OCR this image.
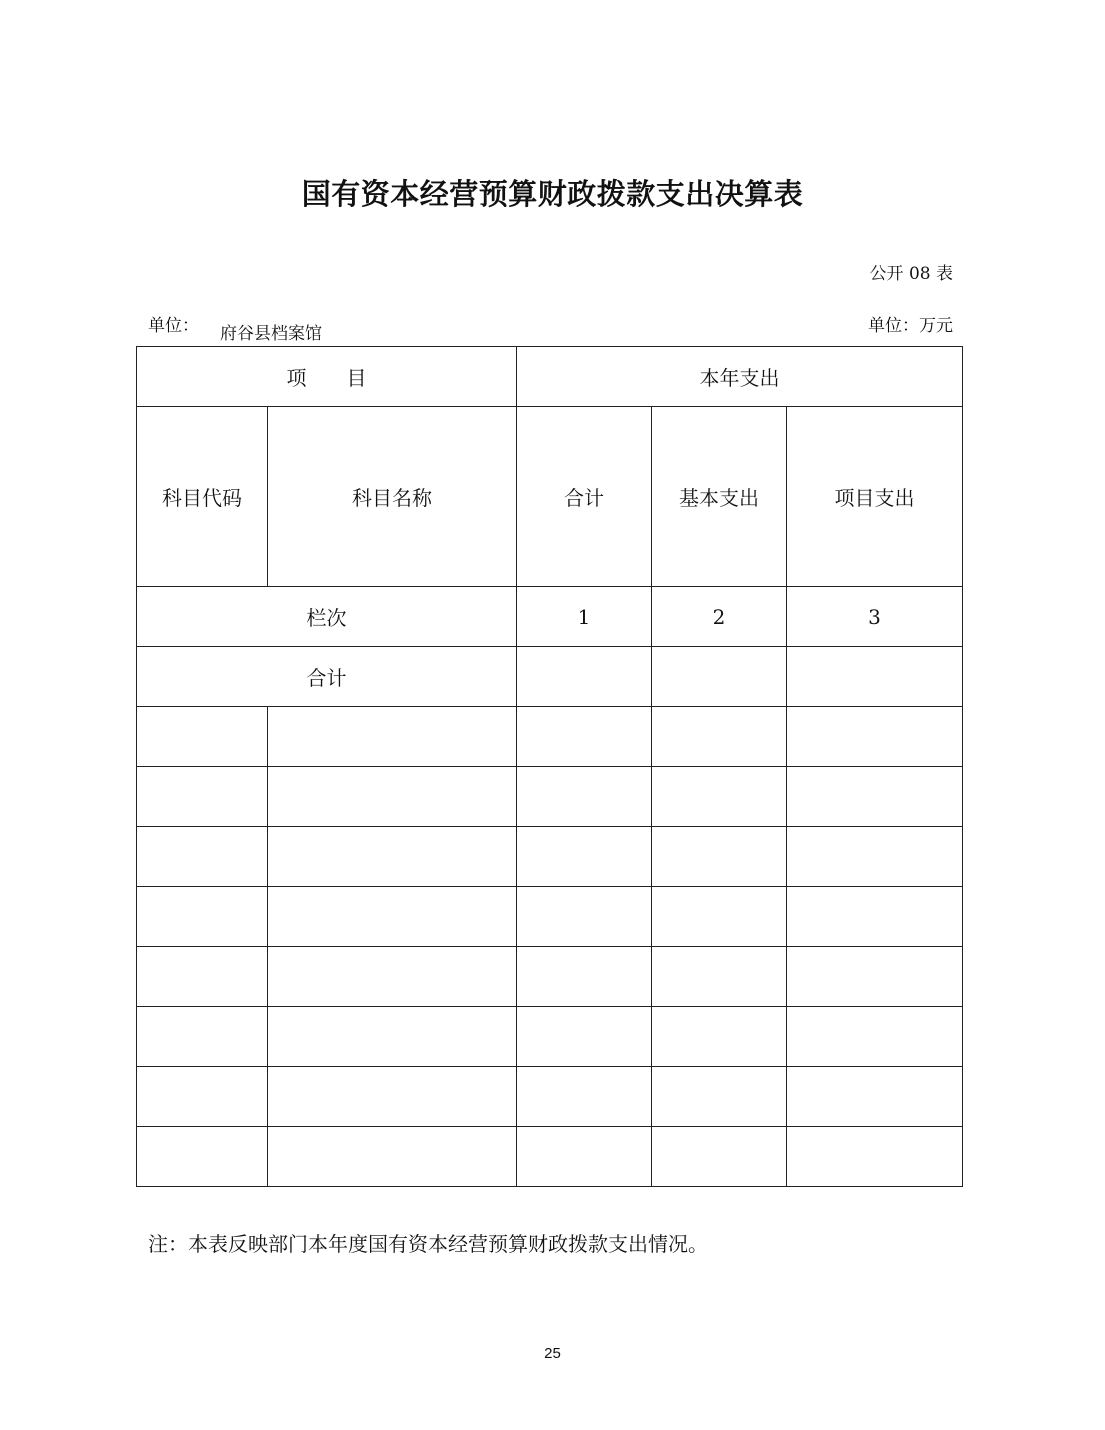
国有资本经营预算财政拨款支出决算表
公开 08 表
单位： 府谷县档案馆	单位：万元
项 目		本年支出		
科目代码	科目名称	合计	基本支出	项目支出
栏次		1	2	3
合计				

注：本表反映部门本年度国有资本经营预算财政拨款支出情况。
25
